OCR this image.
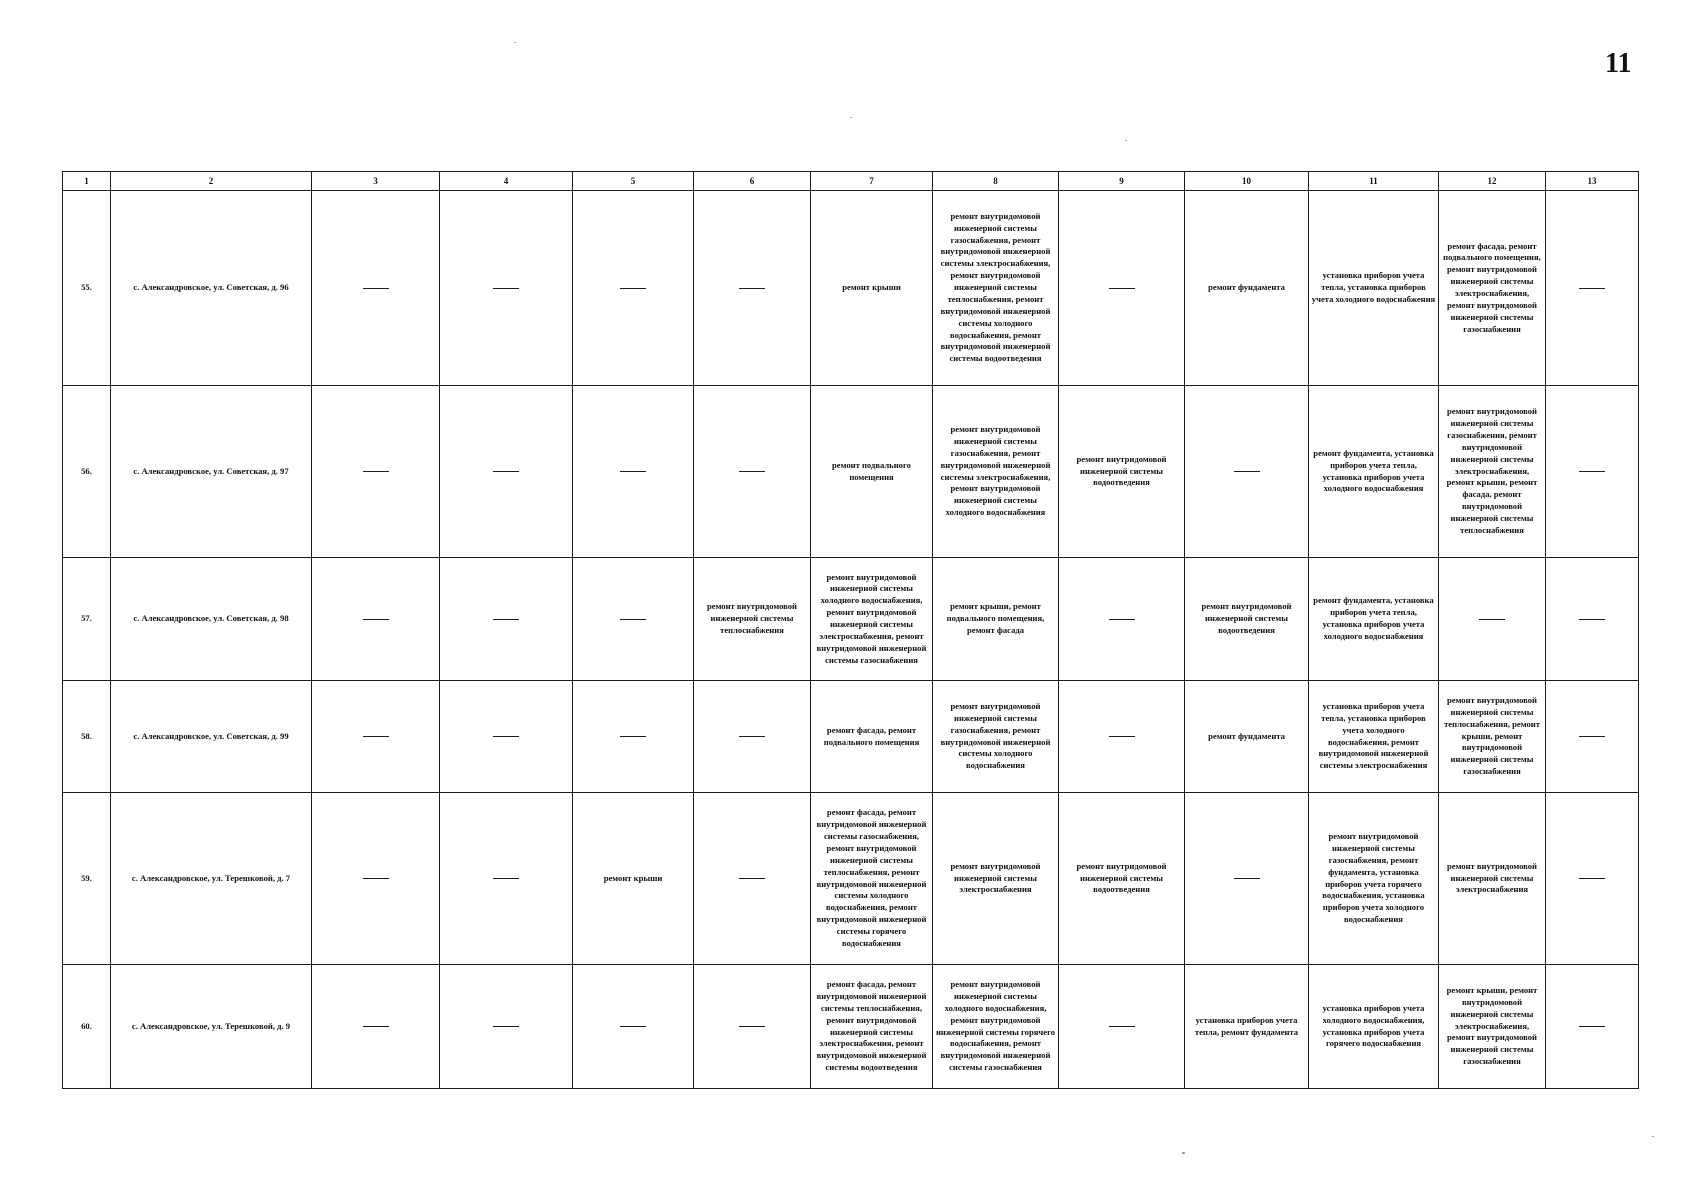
11
1	2	3	4	5	6	7	8	9	10	11	12	13
55.	с. Александровское, ул. Советская, д. 96					ремонт крыши	ремонт внутридомовой инженерной системы газоснабжения, ремонт внутридомовой инженерной системы электроснабжения, ремонт внутридомовой инженерной системы теплоснабжения, ремонт внутридомовой инженерной системы холодного водоснабжения, ремонт внутридомовой инженерной системы водоотведения		ремонт фундамента	установка приборов учета тепла, установка приборов учета холодного водоснабжения	ремонт фасада, ремонт подвального помещения, ремонт внутридомовой инженерной системы электроснабжения, ремонт внутридомовой инженерной системы газоснабжения	
56.	с. Александровское, ул. Советская, д. 97					ремонт подвального помещения	ремонт внутридомовой инженерной системы газоснабжения, ремонт внутридомовой инженерной системы электроснабжения, ремонт внутридомовой инженерной системы холодного водоснабжения	ремонт внутридомовой инженерной системы водоотведения		ремонт фундамента, установка приборов учета тепла, установка приборов учета холодного водоснабжения	ремонт внутридомовой инженерной системы газоснабжения, ремонт внутридомовой инженерной системы электроснабжения, ремонт крыши, ремонт фасада, ремонт внутридомовой инженерной системы теплоснабжения	
57.	с. Александровское, ул. Советская, д. 98				ремонт внутридомовой инженерной системы теплоснабжения	ремонт внутридомовой инженерной системы холодного водоснабжения, ремонт внутридомовой инженерной системы электроснабжения, ремонт внутридомовой инженерной системы газоснабжения	ремонт крыши, ремонт подвального помещения, ремонт фасада		ремонт внутридомовой инженерной системы водоотведения	ремонт фундамента, установка приборов учета тепла, установка приборов учета холодного водоснабжения		
58.	с. Александровское, ул. Советская, д. 99					ремонт фасада, ремонт подвального помещения	ремонт внутридомовой инженерной системы газоснабжения, ремонт внутридомовой инженерной системы холодного водоснабжения		ремонт фундамента	установка приборов учета тепла, установка приборов учета холодного водоснабжения, ремонт внутридомовой инженерной системы электроснабжения	ремонт внутридомовой инженерной системы теплоснабжения, ремонт крыши, ремонт внутридомовой инженерной системы газоснабжения	
59.	с. Александровское, ул. Терешковой, д. 7			ремонт крыши		ремонт фасада, ремонт внутридомовой инженерной системы газоснабжения, ремонт внутридомовой инженерной системы теплоснабжения, ремонт внутридомовой инженерной системы холодного водоснабжения, ремонт внутридомовой инженерной системы горячего водоснабжения	ремонт внутридомовой инженерной системы электроснабжения	ремонт внутридомовой инженерной системы водоотведения		ремонт внутридомовой инженерной системы газоснабжения, ремонт фундамента, установка приборов учета горячего водоснабжения, установка приборов учета холодного водоснабжения	ремонт внутридомовой инженерной системы электроснабжения	
60.	с. Александровское, ул. Терешковой, д. 9					ремонт фасада, ремонт внутридомовой инженерной системы теплоснабжения, ремонт внутридомовой инженерной системы электроснабжения, ремонт внутридомовой инженерной системы водоотведения	ремонт внутридомовой инженерной системы холодного водоснабжения, ремонт внутридомовой инженерной системы горячего водоснабжения, ремонт внутридомовой инженерной системы газоснабжения		установка приборов учета тепла, ремонт фундамента	установка приборов учета холодного водоснабжения, установка приборов учета горячего водоснабжения	ремонт крыши, ремонт внутридомовой инженерной системы электроснабжения, ремонт внутридомовой инженерной системы газоснабжения	
